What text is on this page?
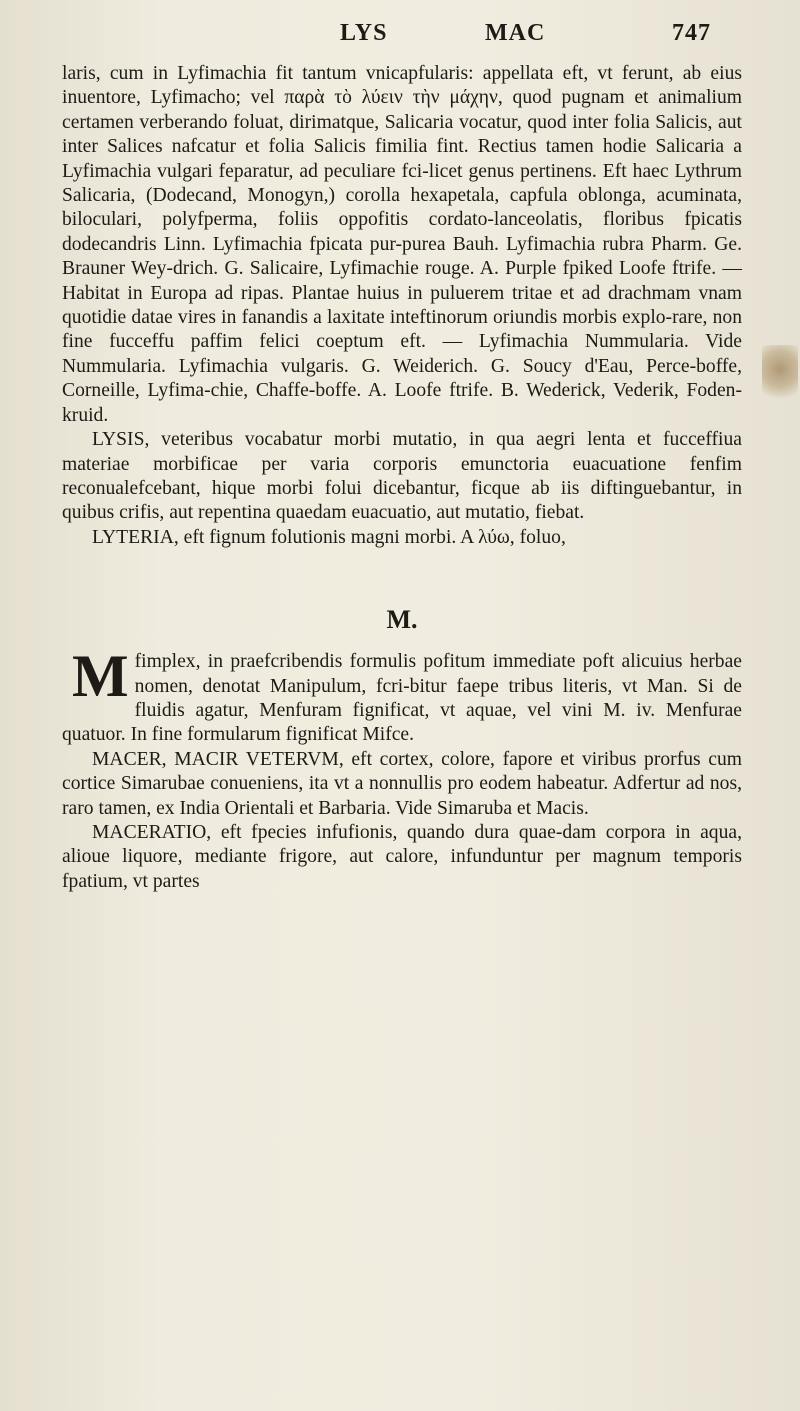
LYS	MAC	747

laris, cum in Lyfimachia fit tantum vnicapfularis: appellata eft, vt ferunt, ab eius inuentore, Lyfimacho; vel παρὰ τὸ λύειν τὴν μάχην, quod pugnam et animalium certamen verberando foluat, dirimatque, Salicaria vocatur, quod inter folia Salicis, aut inter Salices nafcatur et folia Salicis fimilia fint. Rectius tamen hodie Salicaria a Lyfimachia vulgari feparatur, ad peculiare fci-licet genus pertinens. Eft haec Lythrum Salicaria, (Dodecand, Monogyn,) corolla hexapetala, capfula oblonga, acuminata, biloculari, polyfperma, foliis oppofitis cordato-lanceolatis, floribus fpicatis dodecandris Linn. Lyfimachia fpicata pur-purea Bauh. Lyfimachia rubra Pharm. Ge. Brauner Wey-drich. G. Salicaire, Lyfimachie rouge. A. Purple fpiked Loofe ftrife. — Habitat in Europa ad ripas. Plantae huius in puluerem tritae et ad drachmam vnam quotidie datae vires in fanandis a laxitate inteftinorum oriundis morbis explo-rare, non fine fucceffu paffim felici coeptum eft. — Lyfimachia Nummularia. Vide Nummularia. Lyfimachia vulgaris. G. Weiderich. G. Soucy d'Eau, Perce-boffe, Corneille, Lyfima-chie, Chaffe-boffe. A. Loofe ftrife. B. Wederick, Vederik, Foden-kruid.

LYSIS, veteribus vocabatur morbi mutatio, in qua aegri lenta et fucceffiua materiae morbificae per varia corporis emunctoria euacuatione fenfim reconualefcebant, hique morbi folui dicebantur, ficque ab iis diftinguebantur, in quibus crifis, aut repentina quaedam euacuatio, aut mutatio, fiebat.

LYTERIA, eft fignum folutionis magni morbi. A λύω, foluo,

M.

M fimplex, in praefcribendis formulis pofitum immediate poft alicuius herbae nomen, denotat Manipulum, fcri-bitur faepe tribus literis, vt Man. Si de fluidis agatur, Menfuram fignificat, vt aquae, vel vini M. iv. Menfurae quatuor. In fine formularum fignificat Mifce.

MACER, MACIR VETERVM, eft cortex, colore, fapore et viribus prorfus cum cortice Simarubae conueniens, ita vt a nonnullis pro eodem habeatur. Adfertur ad nos, raro tamen, ex India Orientali et Barbaria. Vide Simaruba et Macis.

MACERATIO, eft fpecies infufionis, quando dura quae-dam corpora in aqua, alioue liquore, mediante frigore, aut calore, infunduntur per magnum temporis fpatium, vt partes
